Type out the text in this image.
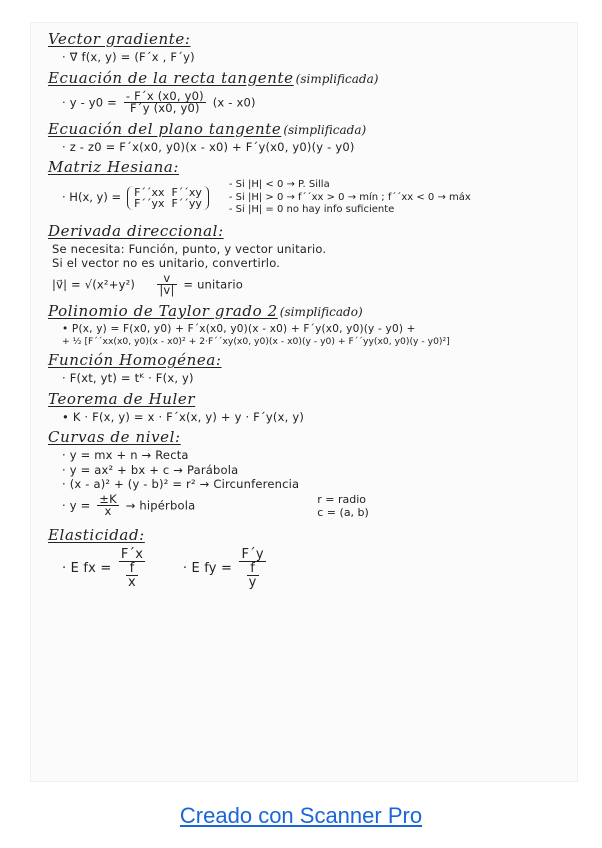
Vector gradiente:
· ∇⃗ f(x, y) = (F´x , F´y)
Ecuación de la recta tangente (simplificada)
· $y - y0 = \frac{- F´x (x0, y0)}{F´y (x0, y0)} (x - x0)$
Ecuación del plano tangente (simplificada)
· z - z0 = F´x(x0, y0)(x - x0) + F´y(x0, y0)(y - y0)
Matriz Hesiana:
· H(x, y) = F´´xx F´´xy
F´´yx F´´yy
- Si |H| < 0 → P. Silla
- Si |H| > 0 → f´´xx > 0 → mín ; f´´xx < 0 → máx
- Si |H| = 0 no hay info suficiente
Derivada direccional:
Se necesita: Función, punto, y vector unitario.
Si el vector no es unitario, convertirlo.
|v⃗| = $√(x^2+y^2) \frac{v}{|v|}$ = unitario
Polinomio de Taylor grado 2 (simplificado)
• P(x, y) = F(x0, y0) + F´x(x0, y0)(x - x0) + F´y(x0, y0)(y - y0) +
+ ½ [F´´xx(x0, y0)(x - x0)² + 2·F´´xy(x0, y0)(x - x0)(y - y0) + F´´yy(x0, y0)(y - y0)²]
Función Homogénea:
· F(xt, yt) = tᴷ · F(x, y)
Teorema de Huler
• K · F(x, y) = x · F´x(x, y) + y · F´y(x, y)
Curvas de nivel:
· y = mx + n → Recta
· y = ax² + bx + c → Parábola
· (x - a)² + (y - b)² = r² → Circunferencia
· $y = \frac{\pm K}{x}$ → hipérbola	r = radio
c = (a, b)
Elasticidad:
· E fx = $\frac{F´x}{\frac{f}{x}}$	· E fy = $\frac{F´y}{\frac{f}{y}}$
Creado con Scanner Pro
